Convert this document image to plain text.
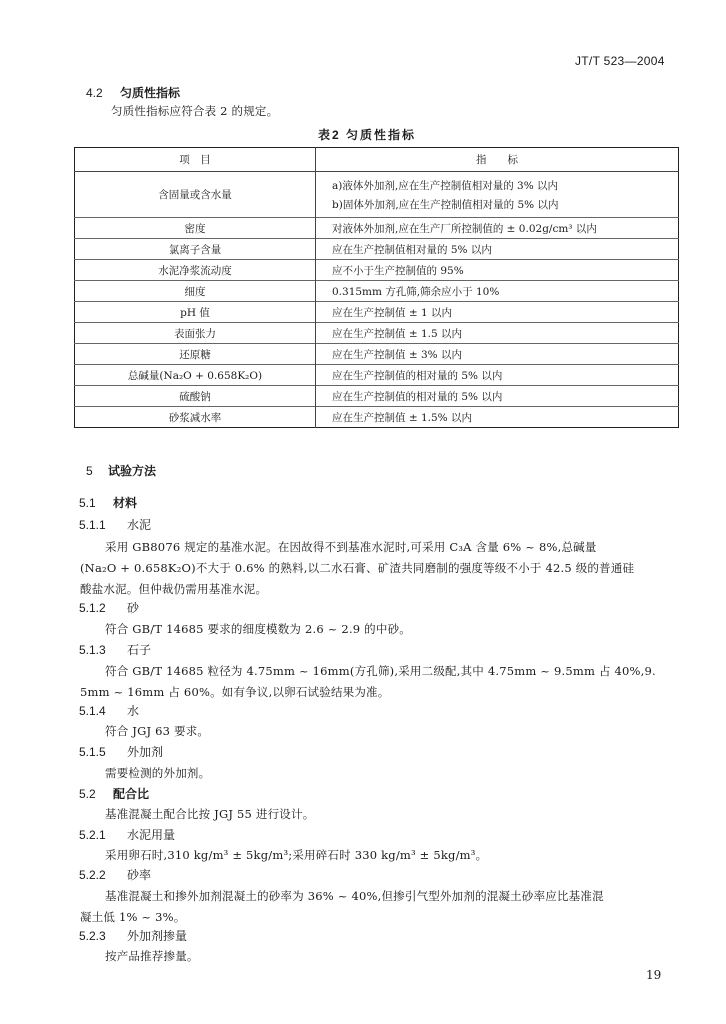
JT/T 523—2004
4.2 匀质性指标
匀质性指标应符合表 2 的规定。
表2 匀质性指标
项　目	指　　标
含固量或含水量	a)液体外加剂,应在生产控制值相对量的 3% 以内
b)固体外加剂,应在生产控制值相对量的 5% 以内

密度	对液体外加剂,应在生产厂所控制值的 ± 0.02g/cm³ 以内
氯离子含量	应在生产控制值相对量的 5% 以内
水泥净浆流动度	应不小于生产控制值的 95%
细度	0.315mm 方孔筛,筛余应小于 10%
pH 值	应在生产控制值 ± 1 以内
表面张力	应在生产控制值 ± 1.5 以内
还原糖	应在生产控制值 ± 3% 以内
总碱量(Na₂O + 0.658K₂O)	应在生产控制值的相对量的 5% 以内
硫酸钠	应在生产控制值的相对量的 5% 以内
砂浆减水率	应在生产控制值 ± 1.5% 以内
5 试验方法
5.1 材料
5.1.1 水泥
采用 GB8076 规定的基准水泥。在因故得不到基准水泥时,可采用 C₃A 含量 6% ~ 8%,总碱量
(Na₂O + 0.658K₂O)不大于 0.6% 的熟料,以二水石膏、矿渣共同磨制的强度等级不小于 42.5 级的普通硅
酸盐水泥。但仲裁仍需用基准水泥。
5.1.2 砂
符合 GB/T 14685 要求的细度模数为 2.6 ~ 2.9 的中砂。
5.1.3 石子
符合 GB/T 14685 粒径为 4.75mm ~ 16mm(方孔筛),采用二级配,其中 4.75mm ~ 9.5mm 占 40%,9.
5mm ~ 16mm 占 60%。如有争议,以卵石试验结果为准。
5.1.4 水
符合 JGJ 63 要求。
5.1.5 外加剂
需要检测的外加剂。
5.2 配合比
基准混凝土配合比按 JGJ 55 进行设计。
5.2.1 水泥用量
采用卵石时,310 kg/m³ ± 5kg/m³;采用碎石时 330 kg/m³ ± 5kg/m³。
5.2.2 砂率
基准混凝土和掺外加剂混凝土的砂率为 36% ~ 40%,但掺引气型外加剂的混凝土砂率应比基准混
凝土低 1% ~ 3%。
5.2.3 外加剂掺量
按产品推荐掺量。
19
